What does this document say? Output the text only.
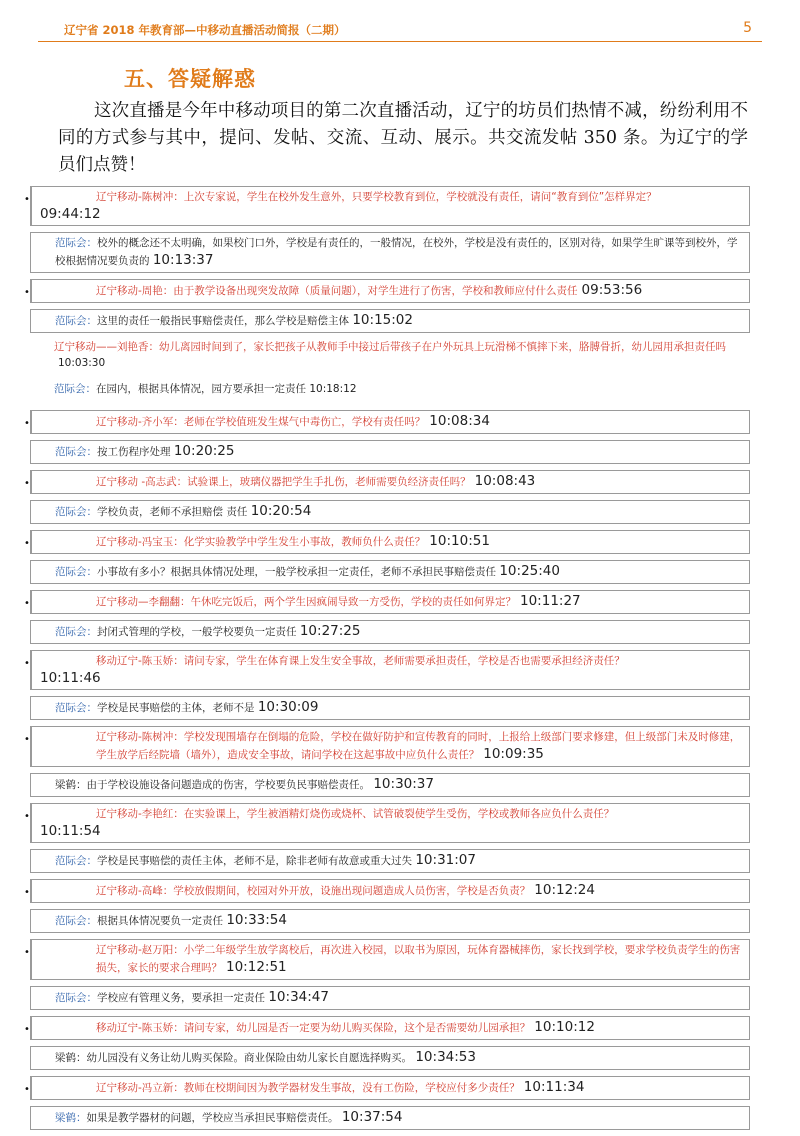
辽宁省 2018 年教育部—中移动直播活动简报（二期）	5
五、答疑解惑
这次直播是今年中移动项目的第二次直播活动，辽宁的坊员们热情不减，纷纷利用不同的方式参与其中，提问、发帖、交流、互动、展示。共交流发帖 350 条。为辽宁的学员们点赞！
•	辽宁移动-陈树冲：上次专家说，学生在校外发生意外，只要学校教育到位，学校就没有责任，请问“教育到位”怎样界定？
09:44:12
范际会：校外的概念还不太明确，如果校门口外，学校是有责任的，一般情况，在校外，学校是没有责任的，区别对待，如果学生旷课等到校外，学校根据情况要负责的 10:13:37
•	辽宁移动-周艳：由于教学设备出现突发故障（质量问题），对学生进行了伤害，学校和教师应付什么责任 09:53:56
范际会：这里的责任一般指民事赔偿责任，那么学校是赔偿主体 10:15:02
辽宁移动——刘艳香：幼儿离园时间到了，家长把孩子从教师手中接过后带孩子在户外玩具上玩滑梯不慎摔下来，胳膊骨折，幼儿园用承担责任吗 10:03:30
范际会：在园内，根据具体情况，园方要承担一定责任 10:18:12
•	辽宁移动-齐小军：老师在学校值班发生煤气中毒伤亡，学校有责任吗？ 10:08:34
范际会：按工伤程序处理 10:20:25
•	辽宁移动 -高志武：试验课上，玻璃仪器把学生手扎伤，老师需要负经济责任吗？ 10:08:43
范际会：学校负责，老师不承担赔偿 责任 10:20:54
•	辽宁移动-冯宝玉：化学实验教学中学生发生小事故，教师负什么责任？ 10:10:51
范际会：小事故有多小？根据具体情况处理，一般学校承担一定责任，老师不承担民事赔偿责任 10:25:40
•	辽宁移动—李翻翻：午休吃完饭后，两个学生因疯闹导致一方受伤，学校的责任如何界定？ 10:11:27
范际会：封闭式管理的学校，一般学校要负一定责任 10:27:25
•	移动辽宁-陈玉娇：请问专家，学生在体育课上发生安全事故，老师需要承担责任，学校是否也需要承担经济责任？
10:11:46
范际会：学校是民事赔偿的主体，老师不是 10:30:09
•	辽宁移动-陈树冲：学校发现围墙存在倒塌的危险，学校在做好防护和宣传教育的同时，上报给上级部门要求修建，但上级部门未及时修建，学生放学后经院墙（墙外），造成安全事故，请问学校在这起事故中应负什么责任？ 10:09:35
梁鹤：由于学校设施设备问题造成的伤害，学校要负民事赔偿责任。 10:30:37
•	辽宁移动-李艳红：在实验课上，学生被酒精灯烧伤或烧杯、试管破裂使学生受伤，学校或教师各应负什么责任？
10:11:54
范际会：学校是民事赔偿的责任主体，老师不是，除非老师有故意或重大过失 10:31:07
•	辽宁移动-高峰：学校放假期间，校园对外开放，设施出现问题造成人员伤害，学校是否负责？ 10:12:24
范际会：根据具体情况要负一定责任 10:33:54
•	辽宁移动-赵万阳：小学二年级学生放学离校后，再次进入校园，以取书为原因，玩体育器械摔伤，家长找到学校，要求学校负责学生的伤害损失，家长的要求合理吗？ 10:12:51
范际会：学校应有管理义务，要承担一定责任 10:34:47
•	移动辽宁-陈玉娇：请问专家，幼儿园是否一定要为幼儿购买保险，这个是否需要幼儿园承担？ 10:10:12
梁鹤：幼儿园没有义务让幼儿购买保险。商业保险由幼儿家长自愿选择购买。 10:34:53
•	辽宁移动-冯立新：教师在校期间因为教学器材发生事故，没有工伤险，学校应付多少责任？ 10:11:34
梁鹤：如果是教学器材的问题，学校应当承担民事赔偿责任。 10:37:54
